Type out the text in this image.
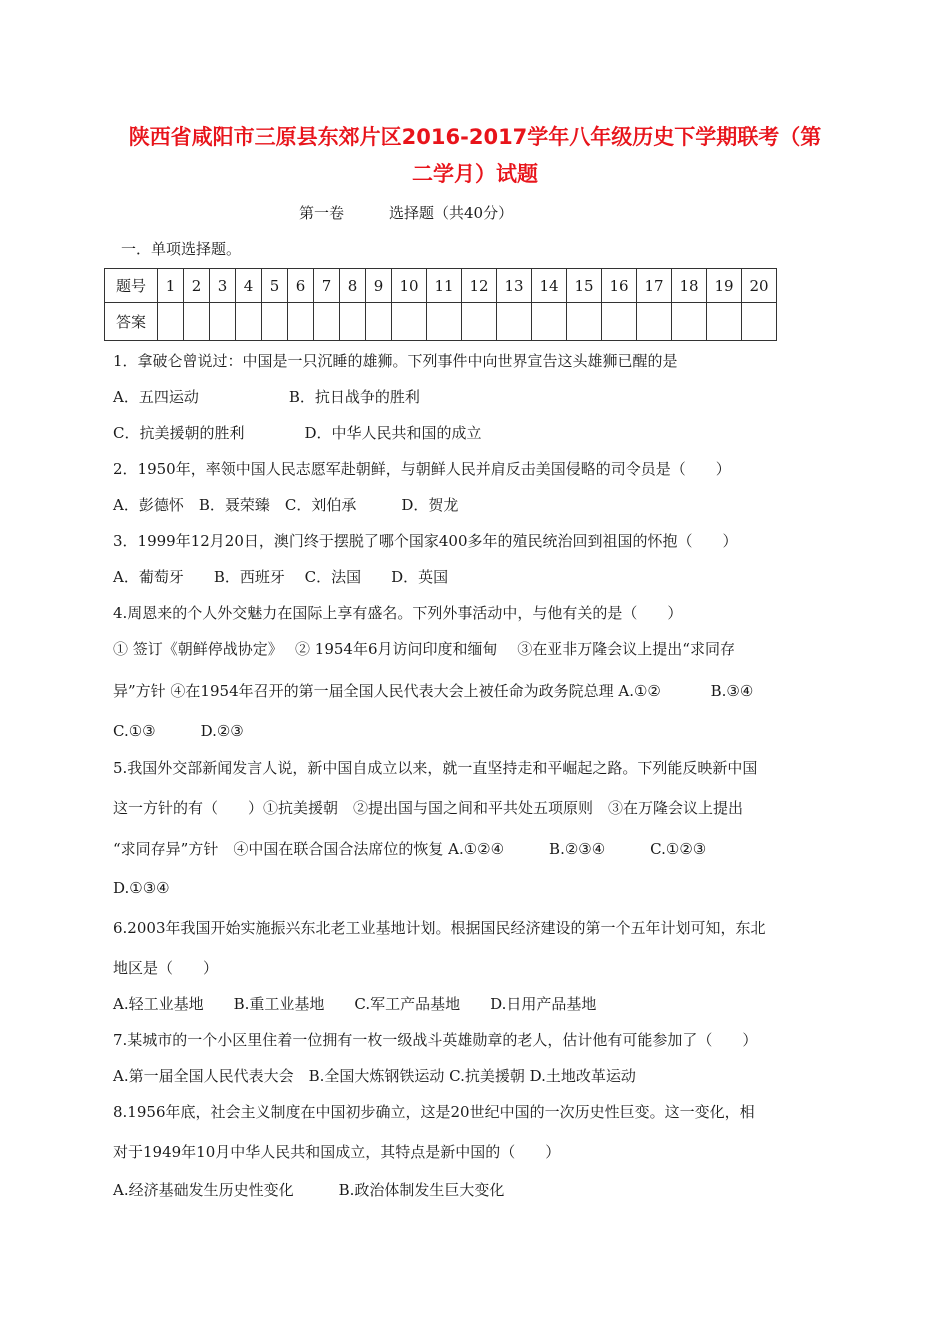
陕西省咸阳市三原县东郊片区2016-2017学年八年级历史下学期联考（第
二学月）试题
第一卷　　　选择题（共40分）
一．单项选择题。
题号	1	2	3	4	5	6	7	8	9	10	11	12	13	14	15	16	17	18	19	20
答案																				
1．拿破仑曾说过：中国是一只沉睡的雄狮。下列事件中向世界宣告这头雄狮已醒的是
A．五四运动　　　　　　B．抗日战争的胜利
C．抗美援朝的胜利　　　　D．中华人民共和国的成立
2．1950年，率领中国人民志愿军赴朝鲜，与朝鲜人民并肩反击美国侵略的司令员是（　　）
A．彭德怀　B．聂荣臻　C．刘伯承　　　D．贺龙
3．1999年12月20日，澳门终于摆脱了哪个国家400多年的殖民统治回到祖国的怀抱（　　）
A．葡萄牙　　B．西班牙　 C．法国　　D．英国
4.周恩来的个人外交魅力在国际上享有盛名。下列外事活动中，与他有关的是（　　）
① 签订《朝鲜停战协定》　 ② 1954年6月访问印度和缅甸　 ③在亚非万隆会议上提出“求同存
异”方针 ④在1954年召开的第一届全国人民代表大会上被任命为政务院总理 A.①②　　　 B.③④
C.①③　　　D.②③
5.我国外交部新闻发言人说，新中国自成立以来，就一直坚持走和平崛起之路。下列能反映新中国
这一方针的有（　　）①抗美援朝　②提出国与国之间和平共处五项原则　③在万隆会议上提出
“求同存异”方针　④中国在联合国合法席位的恢复 A.①②④　　　B.②③④　　　C.①②③
D.①③④
6.2003年我国开始实施振兴东北老工业基地计划。根据国民经济建设的第一个五年计划可知，东北
地区是（　　）
A.轻工业基地　　B.重工业基地　　C.军工产品基地　　D.日用产品基地
7.某城市的一个小区里住着一位拥有一枚一级战斗英雄勋章的老人，估计他有可能参加了（　　）
A.第一届全国人民代表大会　B.全国大炼钢铁运动 C.抗美援朝 D.土地改革运动
8.1956年底，社会主义制度在中国初步确立，这是20世纪中国的一次历史性巨变。这一变化，相
对于1949年10月中华人民共和国成立，其特点是新中国的（　　）
A.经济基础发生历史性变化　　　B.政治体制发生巨大变化
